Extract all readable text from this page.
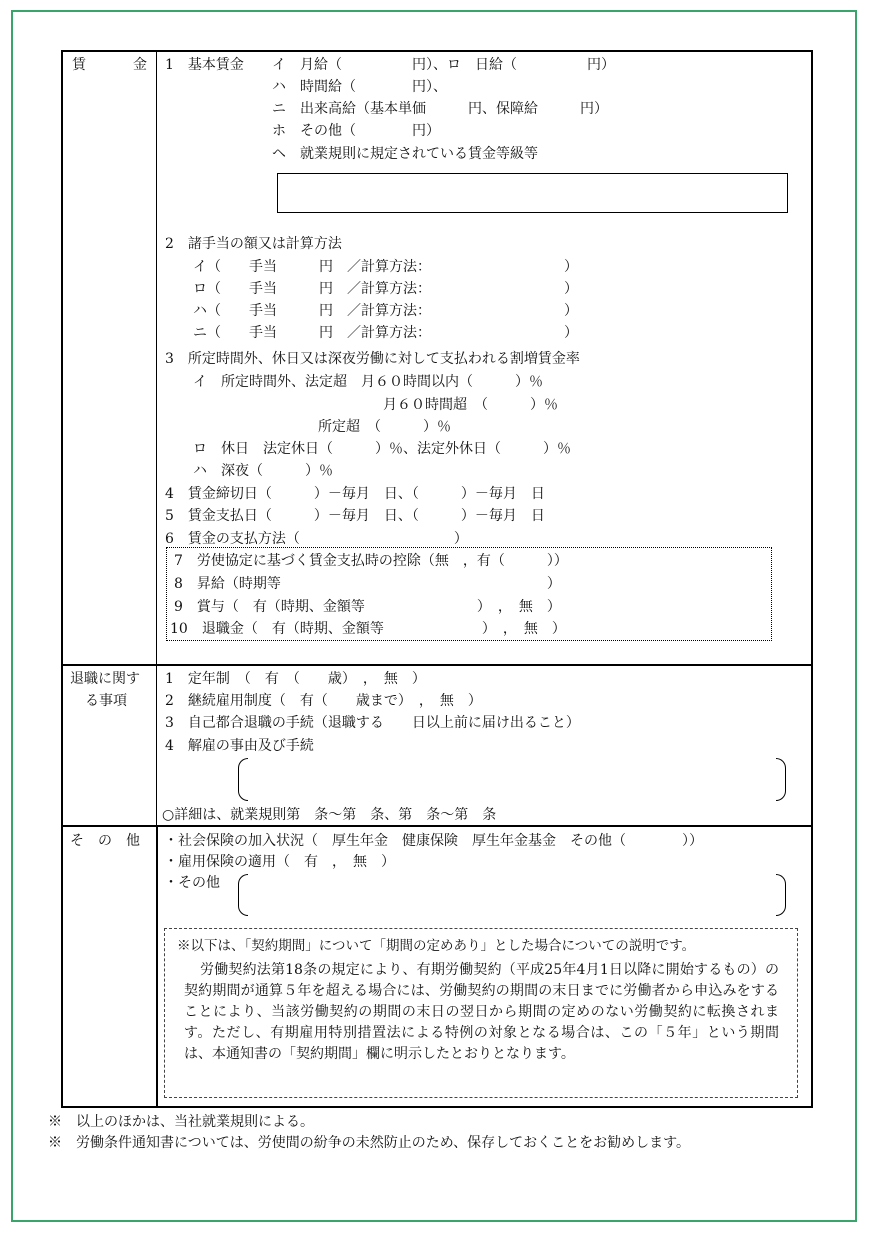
賃	金 1　基本賃金 イ　月給（　　　　　円）、ロ　日給（　　　　　円）
ハ　時間給（　　　　円）、
ニ　出来高給（基本単価　　　円、保障給　　　円）
ホ　その他（　　　　円）
ヘ　就業規則に規定されている賃金等級等
2　諸手当の額又は計算方法
イ（　　手当　　　円　／計算方法：　　　　　　　　　　）
ロ（　　手当　　　円　／計算方法：　　　　　　　　　　）
ハ（　　手当　　　円　／計算方法：　　　　　　　　　　）
ニ（　　手当　　　円　／計算方法：　　　　　　　　　　）
3　所定時間外、休日又は深夜労働に対して支払われる割増賃金率
イ　所定時間外、法定超　月６０時間以内（　　　）％
月６０時間超　（　　　）％
所定超　（　　　）％
ロ　休日　法定休日（　　　）％、法定外休日（　　　）％
ハ　深夜（　　　）％
4　賃金締切日（　　　）－毎月　日、（　　　）－毎月　日
5　賃金支払日（　　　）－毎月　日、（　　　）－毎月　日
6　賃金の支払方法（　　　　　　　　　　　）
7　労使協定に基づく賃金支払時の控除（無　，有（　　　））
8　昇給（時期等　　　　　　　　　　　　　　　　　　　）
9　賞与（　有（時期、金額等　　　　　　　　）　，　無　）
10　退職金（　有（時期、金額等　　　　　　　）　，　無　）
退職に関す
る事項
1　定年制　（　有　（　　歳）　，　無　）
2　継続雇用制度（　有（　　歳まで）　，　無　）
3　自己都合退職の手続（退職する　　日以上前に届け出ること）
4　解雇の事由及び手続
○詳細は、就業規則第　条～第　条、第　条～第　条
そ　の　他 ・社会保険の加入状況（　厚生年金　健康保険　厚生年金基金　その他（　　　　））
・雇用保険の適用（　有　，　無　）
・その他
※以下は、「契約期間」について「期間の定めあり」とした場合についての説明です。
労働契約法第18条の規定により、有期労働契約（平成25年4月1日以降に開始するもの）の契約期間が通算５年を超える場合には、労働契約の期間の末日までに労働者から申込みをすることにより、当該労働契約の期間の末日の翌日から期間の定めのない労働契約に転換されます。ただし、有期雇用特別措置法による特例の対象となる場合は、この「５年」という期間は、本通知書の「契約期間」欄に明示したとおりとなります。
※　以上のほかは、当社就業規則による。
※　労働条件通知書については、労使間の紛争の未然防止のため、保存しておくことをお勧めします。
